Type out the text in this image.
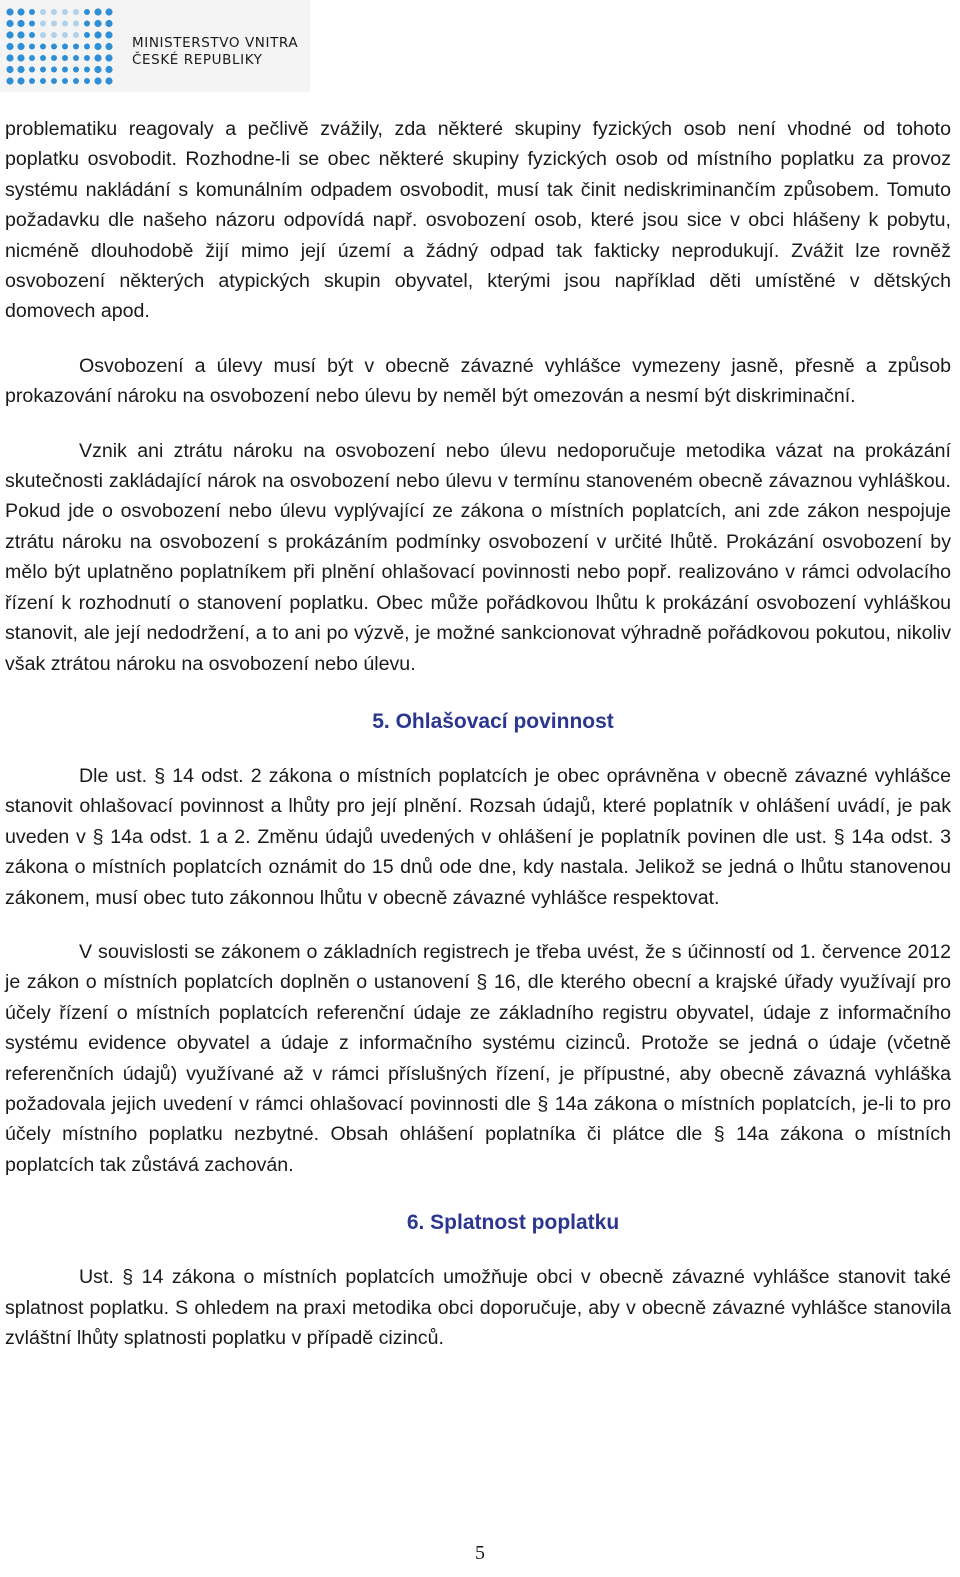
MINISTERSTVO VNITRA
ČESKÉ REPUBLIKY

problematiku reagovaly a pečlivě zvážily, zda některé skupiny fyzických osob není vhodné od tohoto poplatku osvobodit. Rozhodne-li se obec některé skupiny fyzických osob od místního poplatku za provoz systému nakládání s komunálním odpadem osvobodit, musí tak činit nediskriminančím způsobem. Tomuto požadavku dle našeho názoru odpovídá např. osvobození osob, které jsou sice v obci hlášeny k pobytu, nicméně dlouhodobě žijí mimo její území a žádný odpad tak fakticky neprodukují. Zvážit lze rovněž osvobození některých atypických skupin obyvatel, kterými jsou například děti umístěné v dětských domovech apod.

Osvobození a úlevy musí být v obecně závazné vyhlášce vymezeny jasně, přesně a způsob prokazování nároku na osvobození nebo úlevu by neměl být omezován a nesmí být diskriminační.

Vznik ani ztrátu nároku na osvobození nebo úlevu nedoporučuje metodika vázat na prokázání skutečnosti zakládající nárok na osvobození nebo úlevu v termínu stanoveném obecně závaznou vyhláškou. Pokud jde o osvobození nebo úlevu vyplývající ze zákona o místních poplatcích, ani zde zákon nespojuje ztrátu nároku na osvobození s prokázáním podmínky osvobození v určité lhůtě. Prokázání osvobození by mělo být uplatněno poplatníkem při plnění ohlašovací povinnosti nebo popř. realizováno v rámci odvolacího řízení k rozhodnutí o stanovení poplatku. Obec může pořádkovou lhůtu k prokázání osvobození vyhláškou stanovit, ale její nedodržení, a to ani po výzvě, je možné sankcionovat výhradně pořádkovou pokutou, nikoliv však ztrátou nároku na osvobození nebo úlevu.

5. Ohlašovací povinnost

Dle ust. § 14 odst. 2 zákona o místních poplatcích je obec oprávněna v obecně závazné vyhlášce stanovit ohlašovací povinnost a lhůty pro její plnění. Rozsah údajů, které poplatník v ohlášení uvádí, je pak uveden v § 14a odst. 1 a 2. Změnu údajů uvedených v ohlášení je poplatník povinen dle ust. § 14a odst. 3 zákona o místních poplatcích oznámit do 15 dnů ode dne, kdy nastala. Jelikož se jedná o lhůtu stanovenou zákonem, musí obec tuto zákonnou lhůtu v obecně závazné vyhlášce respektovat.

V souvislosti se zákonem o základních registrech je třeba uvést, že s účinností od 1. července 2012 je zákon o místních poplatcích doplněn o ustanovení § 16, dle kterého obecní a krajské úřady využívají pro účely řízení o místních poplatcích referenční údaje ze základního registru obyvatel, údaje z informačního systému evidence obyvatel a údaje z informačního systému cizinců. Protože se jedná o údaje (včetně referenčních údajů) využívané až v rámci příslušných řízení, je přípustné, aby obecně závazná vyhláška požadovala jejich uvedení v rámci ohlašovací povinnosti dle § 14a zákona o místních poplatcích, je-li to pro účely místního poplatku nezbytné. Obsah ohlášení poplatníka či plátce dle § 14a zákona o místních poplatcích tak zůstává zachován.

6. Splatnost poplatku

Ust. § 14 zákona o místních poplatcích umožňuje obci v obecně závazné vyhlášce stanovit také splatnost poplatku. S ohledem na praxi metodika obci doporučuje, aby v obecně závazné vyhlášce stanovila zvláštní lhůty splatnosti poplatku v případě cizinců.

5
